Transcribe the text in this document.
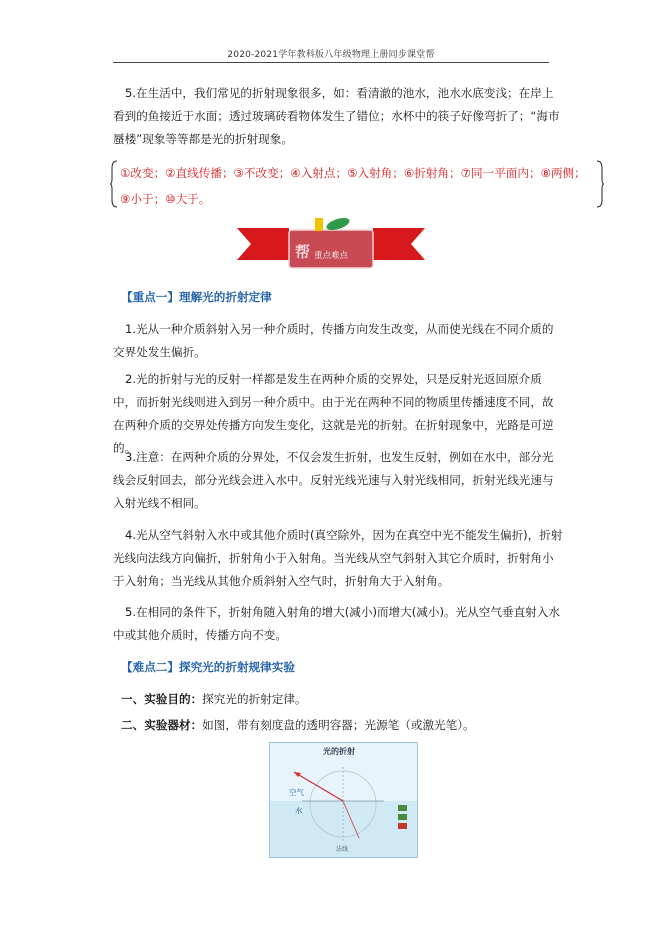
2020-2021学年教科版八年级物理上册同步课堂帮

5.在生活中，我们常见的折射现象很多，如：看清澈的池水，池水水底变浅；在岸上看到的鱼接近于水面；透过玻璃砖看物体发生了错位；水杯中的筷子好像弯折了；“海市蜃楼”现象等等都是光的折射现象。

①改变；②直线传播；③不改变；④入射点；⑤入射角；⑥折射角；⑦同一平面内；⑧两侧；
⑨小于；⑩大于。
帮 重点难点

【重点一】理解光的折射定律

1.光从一种介质斜射入另一种介质时，传播方向发生改变，从而使光线在不同介质的交界处发生偏折。

2.光的折射与光的反射一样都是发生在两种介质的交界处，只是反射光返回原介质中，而折射光线则进入到另一种介质中。由于光在两种不同的物质里传播速度不同，故在两种介质的交界处传播方向发生变化，这就是光的折射。在折射现象中，光路是可逆的。

3.注意：在两种介质的分界处，不仅会发生折射，也发生反射，例如在水中，部分光线会反射回去，部分光线会进入水中。反射光线光速与入射光线相同，折射光线光速与入射光线不相同。

4.光从空气斜射入水中或其他介质时(真空除外，因为在真空中光不能发生偏折)，折射光线向法线方向偏折，折射角小于入射角。当光线从空气斜射入其它介质时，折射角小于入射角；当光线从其他介质斜射入空气时，折射角大于入射角。

5.在相同的条件下，折射角随入射角的增大(减小)而增大(减小)。光从空气垂直射入水中或其他介质时，传播方向不变。

【难点二】探究光的折射规律实验

一、实验目的：探究光的折射定律。

二、实验器材：如图，带有刻度盘的透明容器；光源笔（或激光笔）。

光的折射
空气
水
法线
